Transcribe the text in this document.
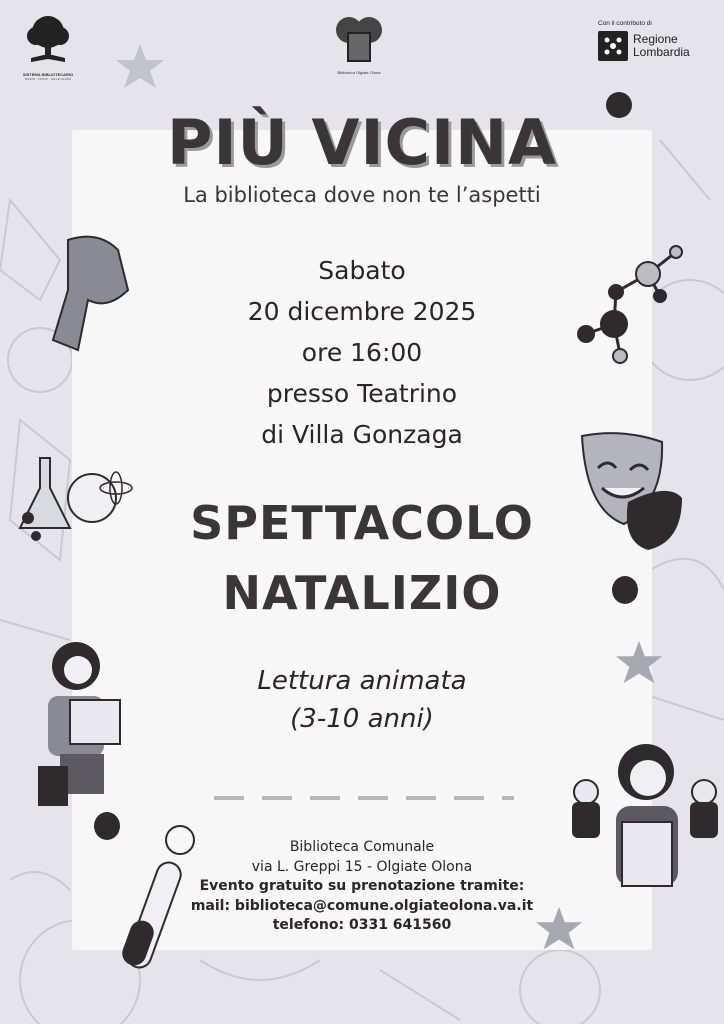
SISTEMA BIBLIOTECARIO
BUSTO - TICINO - VALLE OLONA
Biblioteca Olgiate Olona
Con il contributo di
Regione
Lombardia
PIÙ VICINA
La biblioteca dove non te l’aspetti
Sabato
20 dicembre 2025
ore 16:00
presso Teatrino
di Villa Gonzaga
SPETTACOLO
NATALIZIO
Lettura animata
(3-10 anni)
Biblioteca Comunale
via L. Greppi 15 - Olgiate Olona
Evento gratuito su prenotazione tramite:
mail: biblioteca@comune.olgiateolona.va.it
telefono: 0331 641560
